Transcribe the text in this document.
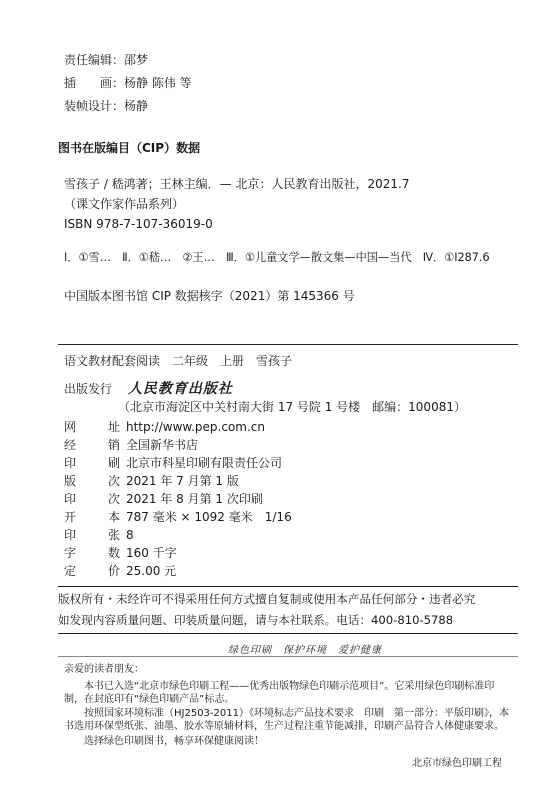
责任编辑：邵梦
插　　画：杨静 陈伟 等
装帧设计：杨静
图书在版编目（CIP）数据
雪孩子 / 嵇鸿著；王林主编．— 北京：人民教育出版社，2021.7
（课文作家作品系列）
ISBN 978-7-107-36019-0
Ⅰ．①雪…　Ⅱ．①嵇…　②王…　Ⅲ．①儿童文学—散文集—中国—当代　Ⅳ．①I287.6
中国版本图书馆 CIP 数据核字（2021）第 145366 号
语文教材配套阅读　二年级　上册　雪孩子
出版发行 人民教育出版社
（北京市海淀区中关村南大街 17 号院 1 号楼　邮编：100081）
网	址 http://www.pep.com.cn
经	销 全国新华书店
印	刷 北京市科星印刷有限责任公司
版	次 2021 年 7 月第 1 版
印	次 2021 年 8 月第 1 次印刷
开	本 787 毫米 × 1092 毫米　1/16
印	张 8
字	数 160 千字
定	价 25.00 元
版权所有・未经许可不得采用任何方式擅自复制或使用本产品任何部分・违者必究
如发现内容质量问题、印装质量问题，请与本社联系。电话：400-810-5788
绿色印刷　保护环境　爱护健康
亲爱的读者朋友：
本书已入选“北京市绿色印刷工程——优秀出版物绿色印刷示范项目”。它采用绿色印刷标准印制，在封底印有“绿色印刷产品”标志。
按照国家环境标准（HJ2503-2011）《环境标志产品技术要求　印刷　第一部分：平版印刷》，本书选用环保型纸张、油墨、胶水等原辅材料，生产过程注重节能减排，印刷产品符合人体健康要求。
选择绿色印刷图书，畅享环保健康阅读！
北京市绿色印刷工程
